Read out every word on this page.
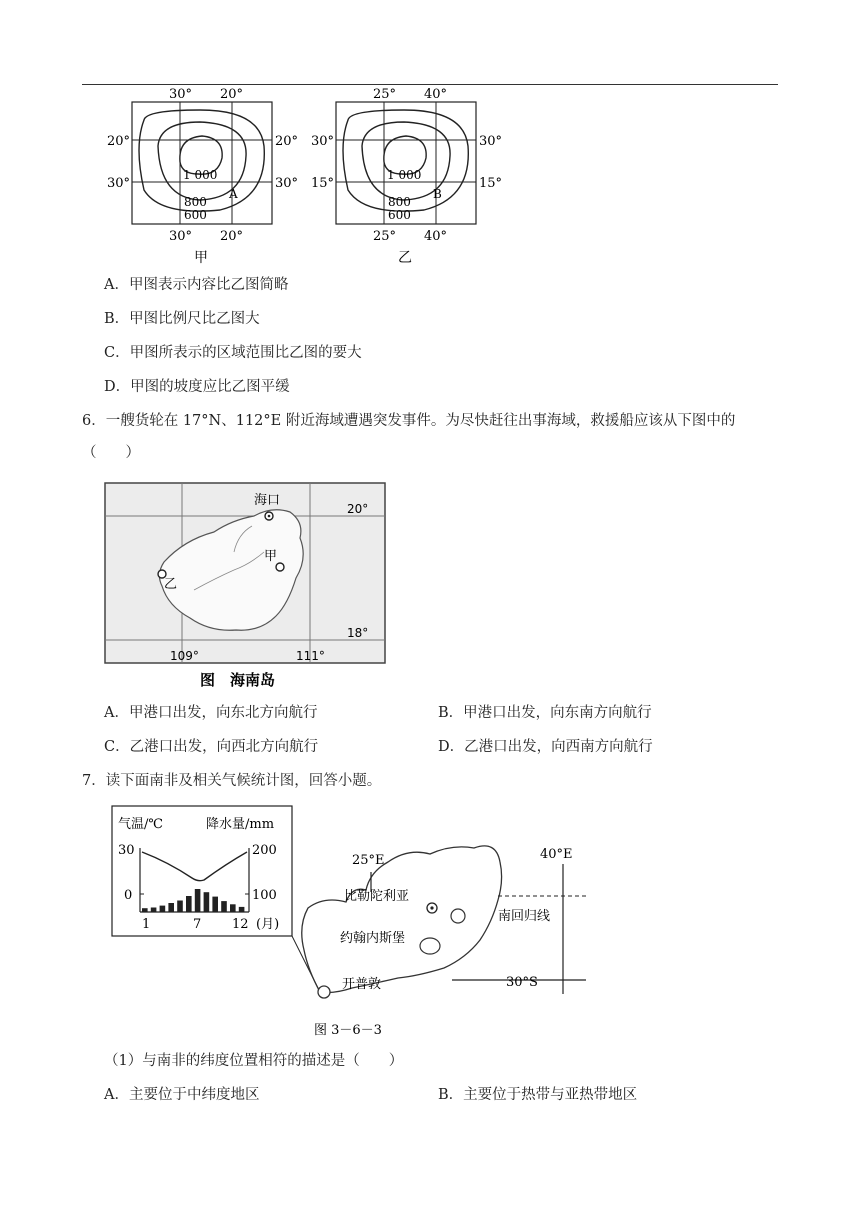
30° 20°
30° 20°
20°
30°
20°
30°
1 000
800
600
A
甲
25° 40°
25° 40°
30°
15°
30°
15°
1 000
800
600
B
乙
A．甲图表示内容比乙图简略
B．甲图比例尺比乙图大
C．甲图所表示的区域范围比乙图的要大
D．甲图的坡度应比乙图平缓
6．一艘货轮在 17°N、112°E 附近海域遭遇突发事件。为尽快赶往出事海域，救援船应该从下图中的
（　　）
海口
甲
乙
20°
18°
109°	111°
图　海南岛
A．甲港口出发，向东北方向航行	B．甲港口出发，向东南方向航行
C．乙港口出发，向西北方向航行	D．乙港口出发，向西南方向航行
7．读下面南非及相关气候统计图，回答小题。
气温/℃	降水量/mm
30
0
200
100
1	7 12 (月)
25°E	40°E
南回归线
30°S
比勒陀利亚
约翰内斯堡
开普敦
图 3－6－3
（1）与南非的纬度位置相符的描述是（　　）
A．主要位于中纬度地区	B．主要位于热带与亚热带地区
